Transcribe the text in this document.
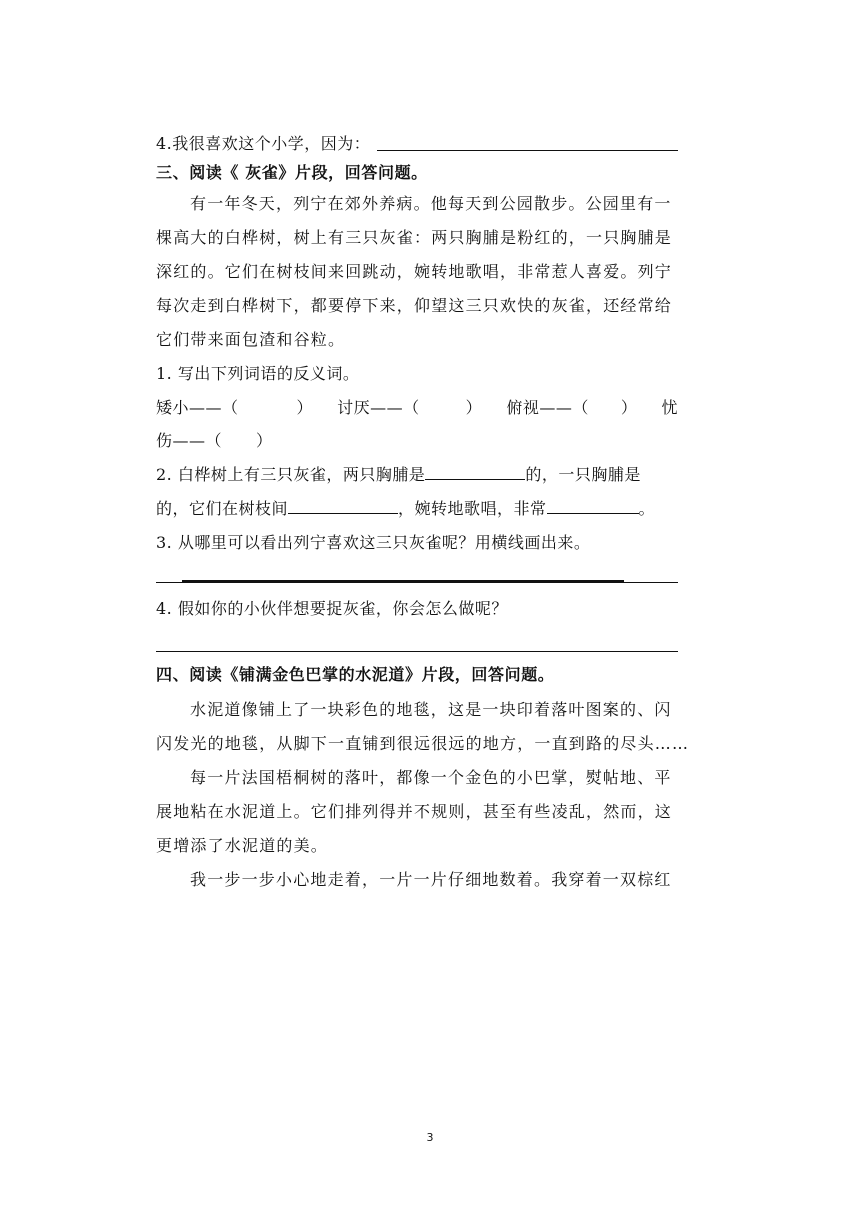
4.我很喜欢这个小学，因为：
三、阅读《 灰雀》片段，回答问题。
有一年冬天，列宁在郊外养病。他每天到公园散步。公园里有一
棵高大的白桦树，树上有三只灰雀：两只胸脯是粉红的，一只胸脯是
深红的。它们在树枝间来回跳动，婉转地歌唱，非常惹人喜爱。列宁
每次走到白桦树下，都要停下来，仰望这三只欢快的灰雀，还经常给
它们带来面包渣和谷粒。
1. 写出下列词语的反义词。
矮小——（	） 讨厌——（	） 俯视——（ ） 忧
伤——（ ）
2. 白桦树上有三只灰雀，两只胸脯是	的，一只胸脯是
的，它们在树枝间	，婉转地歌唱，非常	。
3. 从哪里可以看出列宁喜欢这三只灰雀呢？用横线画出来。
4. 假如你的小伙伴想要捉灰雀，你会怎么做呢？
四、阅读《铺满金色巴掌的水泥道》片段，回答问题。
水泥道像铺上了一块彩色的地毯，这是一块印着落叶图案的、闪
闪发光的地毯，从脚下一直铺到很远很远的地方，一直到路的尽头……
每一片法国梧桐树的落叶，都像一个金色的小巴掌，熨帖地、平
展地粘在水泥道上。它们排列得并不规则，甚至有些凌乱，然而，这
更增添了水泥道的美。
我一步一步小心地走着，一片一片仔细地数着。我穿着一双棕红
3
